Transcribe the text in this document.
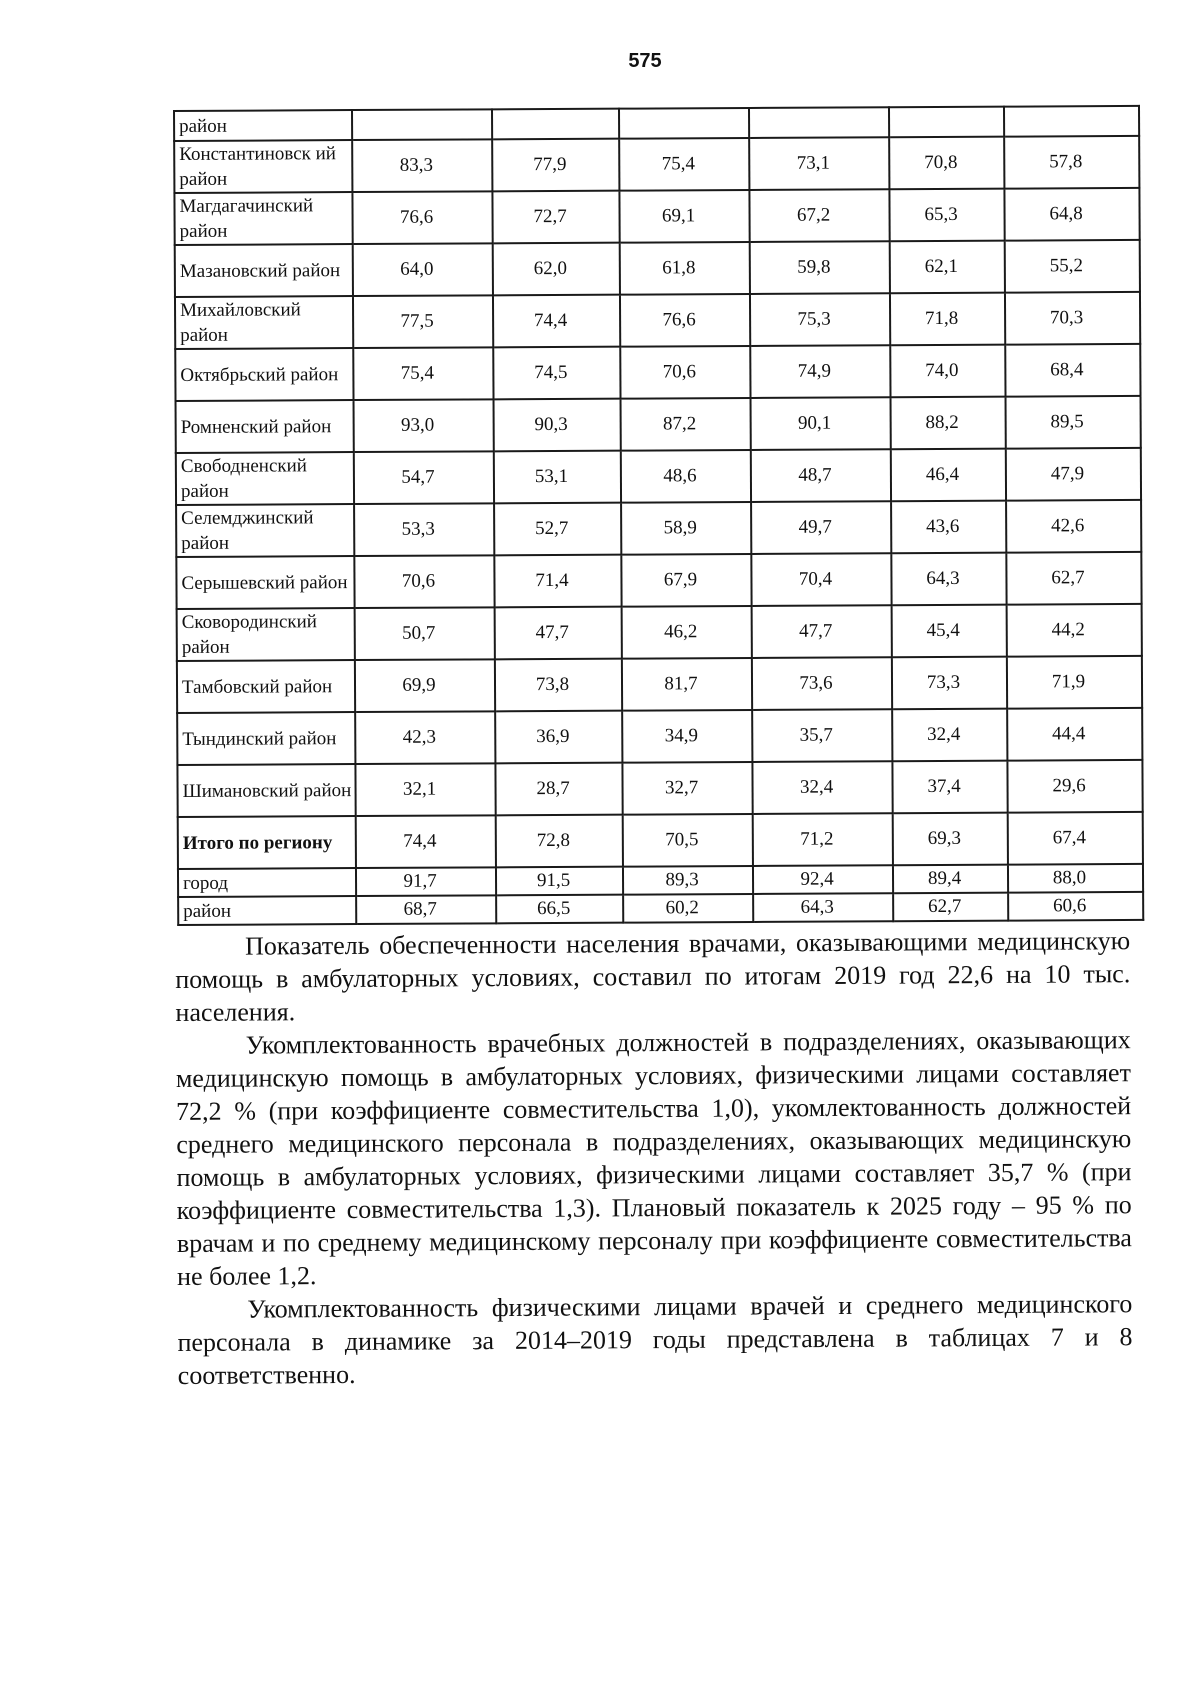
575
район						
Константиновск ий район	83,3	77,9	75,4	73,1	70,8	57,8
Магдагачинский район	76,6	72,7	69,1	67,2	65,3	64,8
Мазановский район	64,0	62,0	61,8	59,8	62,1	55,2
Михайловский район	77,5	74,4	76,6	75,3	71,8	70,3
Октябрьский район	75,4	74,5	70,6	74,9	74,0	68,4
Ромненский район	93,0	90,3	87,2	90,1	88,2	89,5
Свободненский район	54,7	53,1	48,6	48,7	46,4	47,9
Селемджинский район	53,3	52,7	58,9	49,7	43,6	42,6
Серышевский район	70,6	71,4	67,9	70,4	64,3	62,7
Сковородинский район	50,7	47,7	46,2	47,7	45,4	44,2
Тамбовский район	69,9	73,8	81,7	73,6	73,3	71,9
Тындинский район	42,3	36,9	34,9	35,7	32,4	44,4
Шимановский район	32,1	28,7	32,7	32,4	37,4	29,6
Итого по региону	74,4	72,8	70,5	71,2	69,3	67,4
город	91,7	91,5	89,3	92,4	89,4	88,0
район	68,7	66,5	60,2	64,3	62,7	60,6

Показатель обеспеченности населения врачами, оказывающими медицинскую помощь в амбулаторных условиях, составил по итогам 2019 год 22,6 на 10 тыс. населения.

Укомплектованность врачебных должностей в подразделениях, оказывающих медицинскую помощь в амбулаторных условиях, физическими лицами составляет 72,2 % (при коэффициенте совместительства 1,0), укомлектованность должностей среднего медицинского персонала в подразделениях, оказывающих медицинскую помощь в амбулаторных условиях, физическими лицами составляет 35,7 % (при коэффициенте совместительства 1,3). Плановый показатель к 2025 году – 95 % по врачам и по среднему медицинскому персоналу при коэффициенте совместительства не более 1,2.

Укомплектованность физическими лицами врачей и среднего медицинского персонала в динамике за 2014–2019 годы представлена в таблицах 7 и 8 соответственно.
